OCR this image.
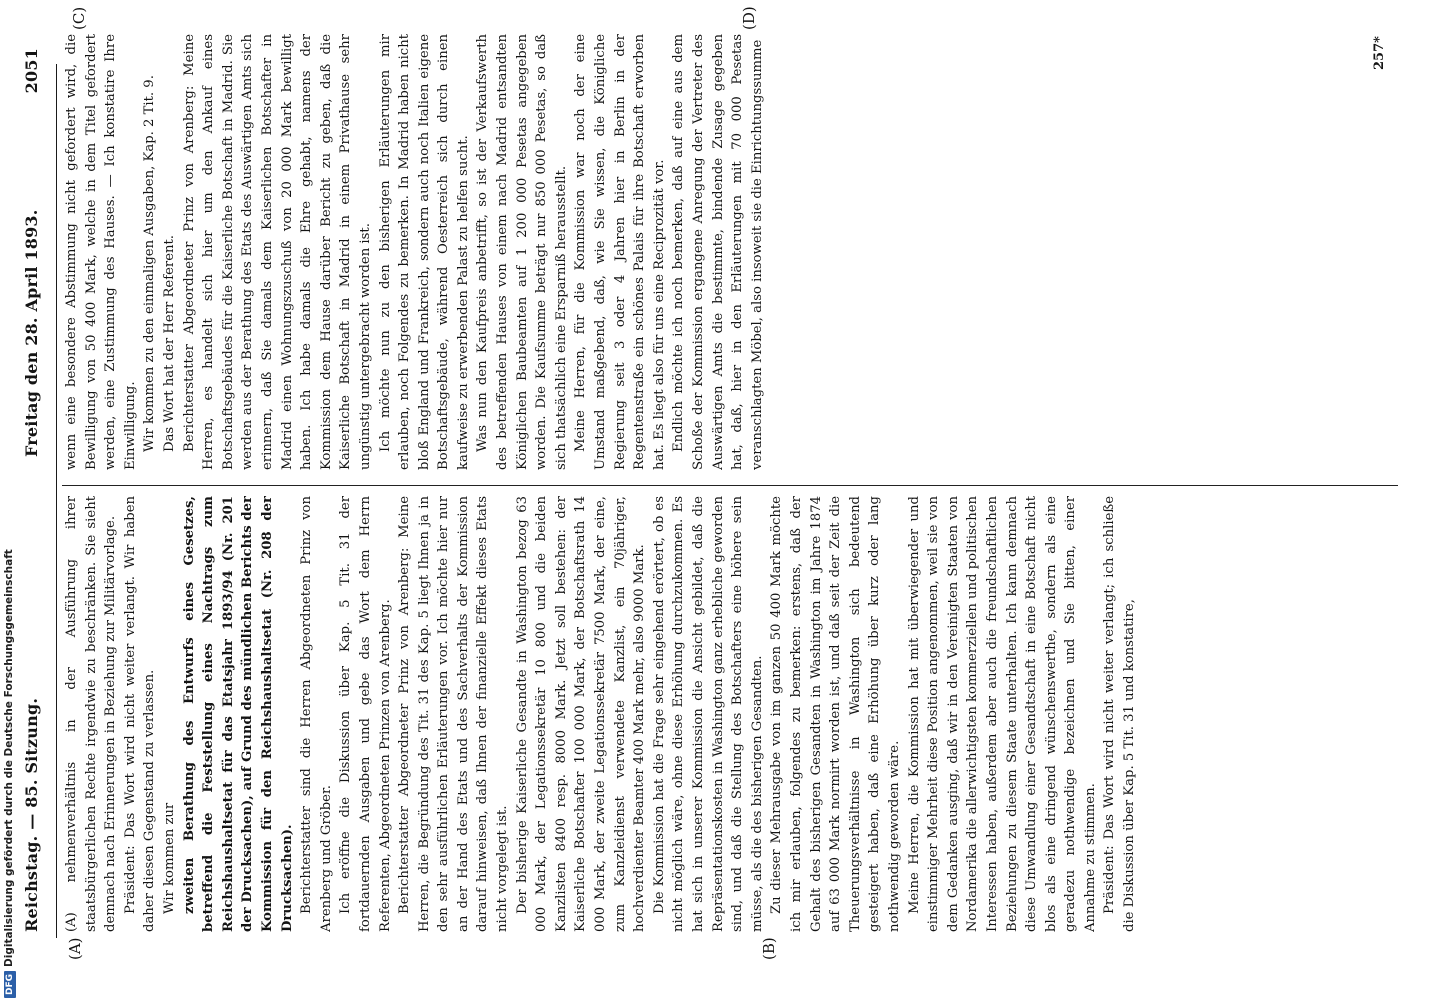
DFGDigitalisierung gefördert durch die Deutsche Forschungsgemeinschaft Reichstag. — 85. Sitzung.
Freitag den 28. April 1893.
2051

(A) nehmenverhältnis in der Ausführung ihrer staatsbürgerlichen Rechte irgendwie zu beschränken. Sie sieht demnach nach Erinnerungen in Beziehung zur Militärvorlage. Präsident: Das Wort wird nicht weiter verlangt. Wir haben daher diesen Gegenstand zu verlassen. Wir kommen zur zweiten Berathung des Entwurfs eines Gesetzes, betreffend die Feststellung eines Nachtrags zum Reichshaushaltsetat für das Etatsjahr 1893/94 (Nr. 201 der Drucksachen), auf Grund des mündlichen Berichts der Kommission für den Reichshaushaltsetat (Nr. 208 der Drucksachen). Berichterstatter sind die Herren Abgeordneten Prinz von Arenberg und Gröber. Ich eröffne die Diskussion über Kap. 5 Tit. 31 der fortdauernden Ausgaben und gebe das Wort dem Herrn Referenten, Abgeordneten Prinzen von Arenberg. Berichterstatter Abgeordneter Prinz von Arenberg: Meine Herren, die Begründung des Tit. 31 des Kap. 5 liegt Ihnen ja in den sehr ausführlichen Erläuterungen vor. Ich möchte hier nur an der Hand des Etats und des Sachverhalts der Kommission darauf hinweisen, daß Ihnen der finanzielle Effekt dieses Etats nicht vorgelegt ist. Der bisherige Kaiserliche Gesandte in Washington bezog 63 000 Mark, der Legationssekretär 10 800 und die beiden Kanzlisten 8400 resp. 8000 Mark. Jetzt soll bestehen: der Kaiserliche Botschafter 100 000 Mark, der Botschaftsrath 14 000 Mark, der zweite Legationssekretär 7500 Mark, der eine, zum Kanzleidienst verwendete Kanzlist, ein 70jähriger, hochverdienter Beamter 400 Mark mehr, also 9000 Mark. Die Kommission hat die Frage sehr eingehend erörtert, ob es nicht möglich wäre, ohne diese Erhöhung durchzukommen. Es hat sich in unserer Kommission die Ansicht gebildet, daß die Repräsentationskosten in Washington ganz erhebliche geworden sind, und daß die Stellung des Botschafters eine höhere sein müsse, als die des bisherigen Gesandten. Zu dieser Mehrausgabe von im ganzen 50 400 Mark möchte ich mir erlauben, folgendes zu bemerken: erstens, daß der Gehalt des bisherigen Gesandten in Washington im Jahre 1874 auf 63 000 Mark normirt worden ist, und daß seit der Zeit die Theuerungsverhältnisse in Washington sich bedeutend gesteigert haben, daß eine Erhöhung über kurz oder lang nothwendig geworden wäre. Meine Herren, die Kommission hat mit überwiegender und einstimmiger Mehrheit diese Position angenommen, weil sie von dem Gedanken ausging, daß wir in den Vereinigten Staaten von Nordamerika die allerwichtigsten kommerziellen und politischen Interessen haben, außerdem aber auch die freundschaftlichen Beziehungen zu diesem Staate unterhalten. Ich kann demnach diese Umwandlung einer Gesandtschaft in eine Botschaft nicht blos als eine dringend wünschenswerthe, sondern als eine geradezu nothwendige bezeichnen und Sie bitten, einer Annahme zu stimmen. Präsident: Das Wort wird nicht weiter verlangt; ich schließe die Diskussion über Kap. 5 Tit. 31 und konstatire,

wenn eine besondere Abstimmung nicht gefordert wird, die Bewilligung von 50 400 Mark, welche in dem Titel gefordert werden, eine Zustimmung des Hauses. — Ich konstatire Ihre Einwilligung. Wir kommen zu den einmaligen Ausgaben, Kap. 2 Tit. 9. Das Wort hat der Herr Referent. Berichterstatter Abgeordneter Prinz von Arenberg: Meine Herren, es handelt sich hier um den Ankauf eines Botschaftsgebäudes für die Kaiserliche Botschaft in Madrid. Sie werden aus der Berathung des Etats des Auswärtigen Amts sich erinnern, daß Sie damals dem Kaiserlichen Botschafter in Madrid einen Wohnungszuschuß von 20 000 Mark bewilligt haben. Ich habe damals die Ehre gehabt, namens der Kommission dem Hause darüber Bericht zu geben, daß die Kaiserliche Botschaft in Madrid in einem Privathause sehr ungünstig untergebracht worden ist. Ich möchte nun zu den bisherigen Erläuterungen mir erlauben, noch Folgendes zu bemerken. In Madrid haben nicht bloß England und Frankreich, sondern auch noch Italien eigene Botschaftsgebäude, während Oesterreich sich durch einen kaufweise zu erwerbenden Palast zu helfen sucht. Was nun den Kaufpreis anbetrifft, so ist der Verkaufswerth des betreffenden Hauses von einem nach Madrid entsandten Königlichen Baubeamten auf 1 200 000 Pesetas angegeben worden. Die Kaufsumme beträgt nur 850 000 Pesetas, so daß sich thatsächlich eine Ersparniß herausstellt. Meine Herren, für die Kommission war noch der eine Umstand maßgebend, daß, wie Sie wissen, die Königliche Regierung seit 3 oder 4 Jahren hier in Berlin in der Regentenstraße ein schönes Palais für ihre Botschaft erworben hat. Es liegt also für uns eine Reciprozität vor. Endlich möchte ich noch bemerken, daß auf eine aus dem Schoße der Kommission ergangene Anregung der Vertreter des Auswärtigen Amts die bestimmte, bindende Zusage gegeben hat, daß, hier in den Erläuterungen mit 70 000 Pesetas veranschlagten Möbel, also insoweit sie die Einrichtungssumme

(A)	(B)
(C)	(D)
257*
